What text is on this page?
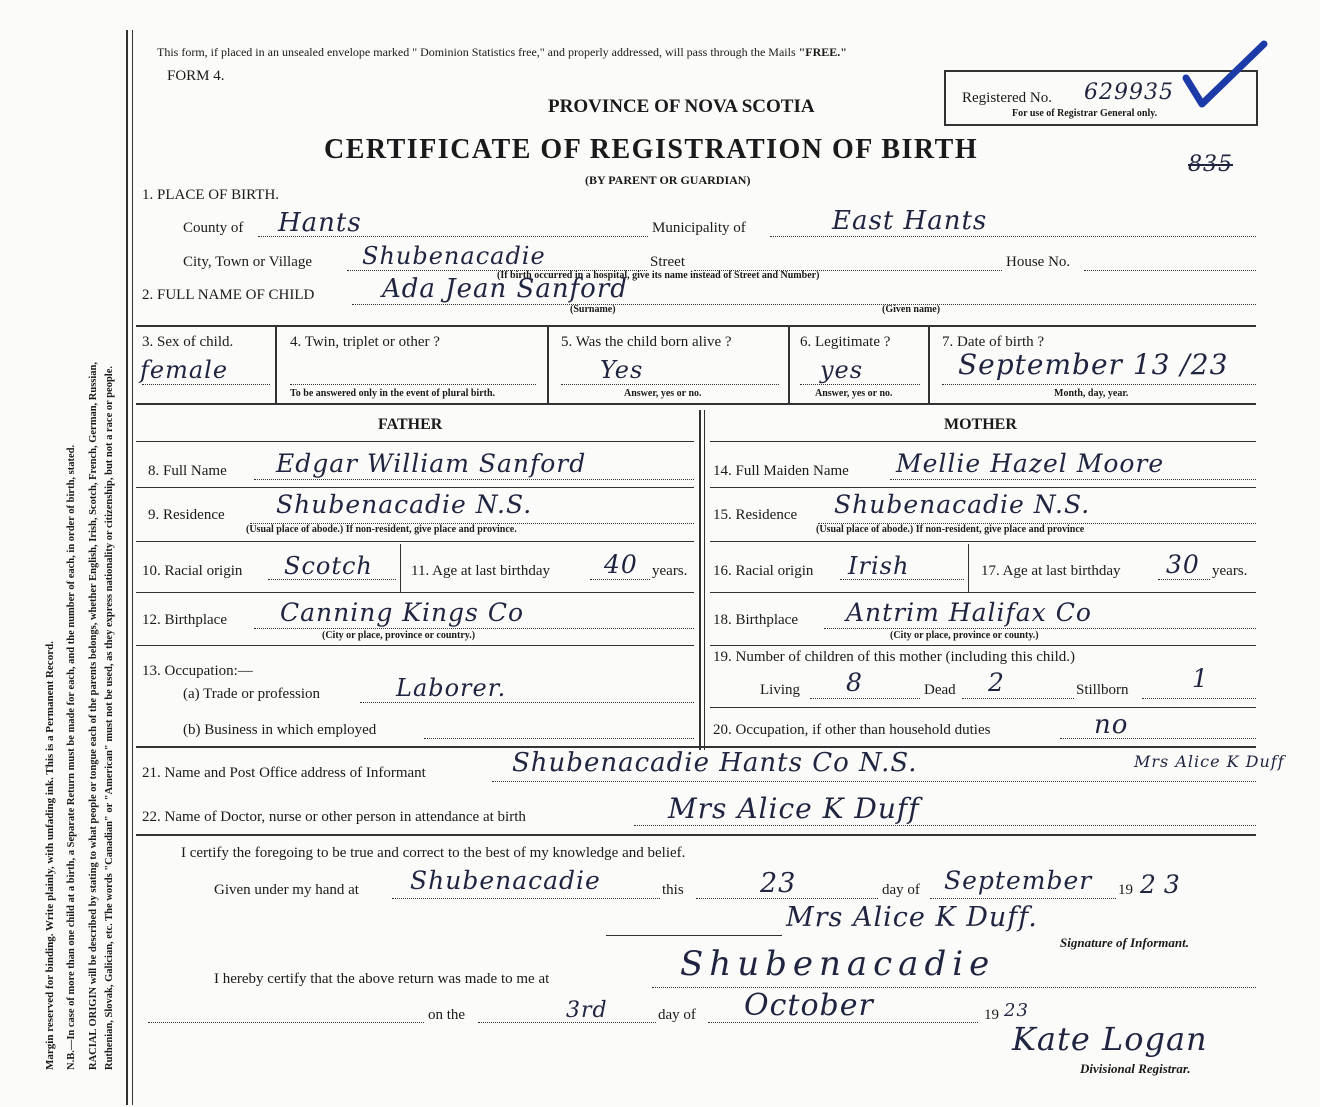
Margin reserved for binding. Write plainly, with unfading ink. This is a Permanent Record. N.B.—In case of more than one child at a birth, a Separate Return must be made for each, and the number of each, in order of birth, stated. RACIAL ORIGIN will be described by stating to what people or tongue each of the parents belongs, whether English, Irish, Scotch, French, German, Russian, Ruthenian, Slovak, Galician, etc. The words "Canadian" or "American" must not be used, as they express nationality or citizenship, but not a race or people.
This form, if placed in an unsealed envelope marked " Dominion Statistics free," and properly addressed, will pass through the Mails "FREE."
FORM 4.
PROVINCE OF NOVA SCOTIA	Registered No. 629935
For use of Registrar General only.
CERTIFICATE OF REGISTRATION OF BIRTH
(BY PARENT OR GUARDIAN)
835
1. PLACE OF BIRTH.
County of Hants	Municipality of	East Hants
City, Town or Village Shubenacadie	Street	House No.
(If birth occurred in a hospital, give its name instead of Street and Number)
2. FULL NAME OF CHILD	Ada Jean Sanford
(Surname)	(Given name)
3. Sex of child.
female
4. Twin, triplet or other ?
To be answered only in the event of plural birth.
5. Was the child born alive ?
Yes
Answer, yes or no.
6. Legitimate ?
yes
Answer, yes or no.
7. Date of birth ?
September 13 /23
Month, day, year.
FATHER	MOTHER
8. Full Name Edgar William Sanford
9. Residence Shubenacadie N.S.
(Usual place of abode.) If non-resident, give place and province.
10. Racial origin Scotch	11. Age at last birthday 40 years.
12. Birthplace Canning Kings Co
(City or place, province or country.)
13. Occupation:—
(a) Trade or profession	Laborer.
(b) Business in which employed
14. Full Maiden Name Mellie Hazel Moore
15. Residence Shubenacadie N.S.
(Usual place of abode.) If non-resident, give place and province
16. Racial origin Irish	17. Age at last birthday 30 years.
18. Birthplace Antrim Halifax Co
(City or place, province or county.)
19. Number of children of this mother (including this child.)
Living 8	Dead 2	Stillborn	1
20. Occupation, if other than household duties	no
21. Name and Post Office address of Informant	Shubenacadie Hants Co N.S.	Mrs Alice K Duff
22. Name of Doctor, nurse or other person in attendance at birth	Mrs Alice K Duff
I certify the foregoing to be true and correct to the best of my knowledge and belief.
Given under my hand at Shubenacadie	this	23	day of September 19 23
Mrs Alice K Duff.
Signature of Informant.
I hereby certify that the above return was made to me at	Shubenacadie
on the	3rd	day of October	19 23
Kate Logan
Divisional Registrar.
